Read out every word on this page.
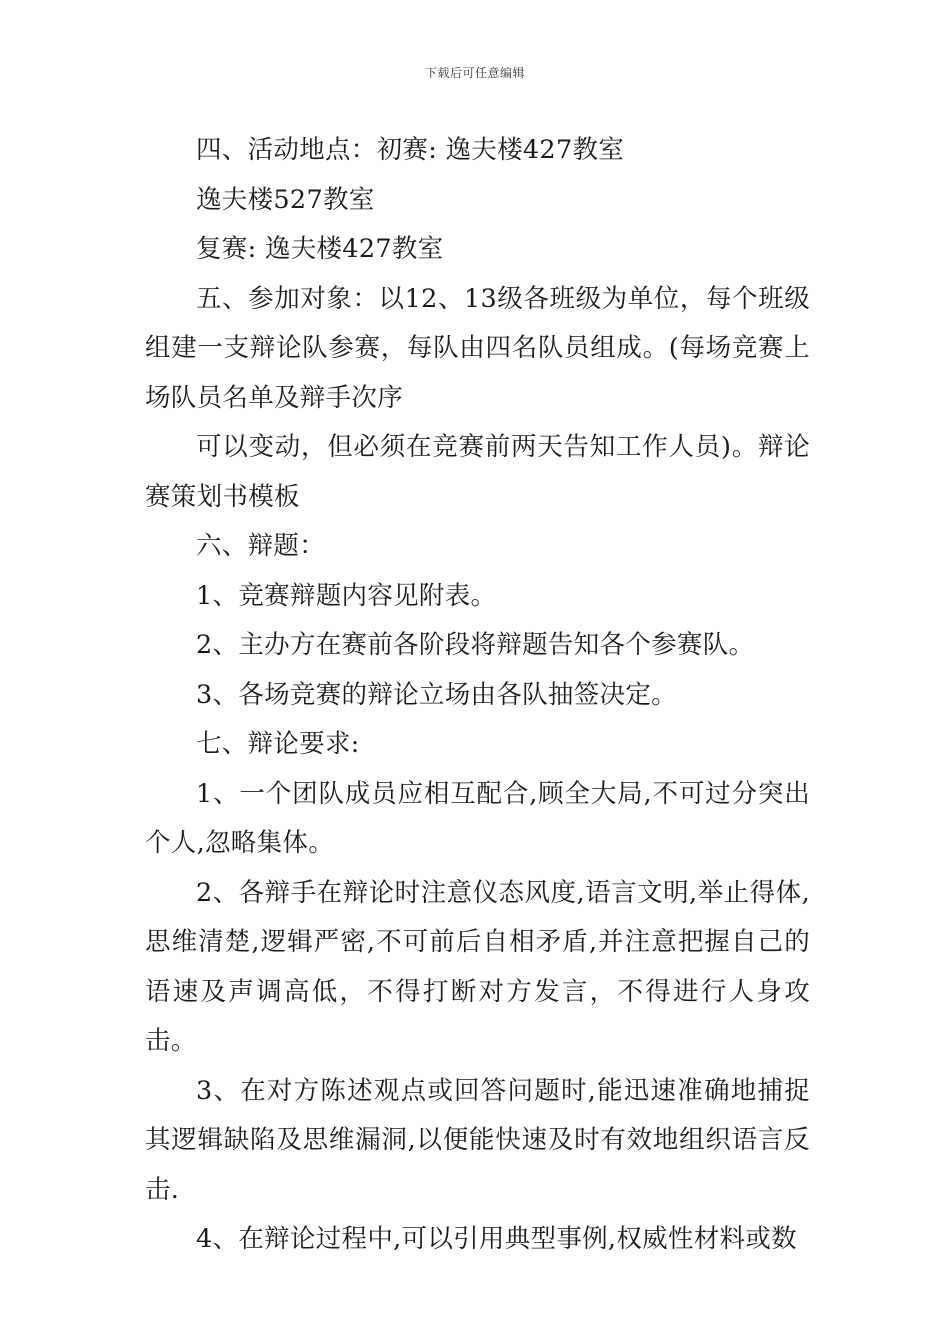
下载后可任意编辑

四、活动地点：初赛: 逸夫楼427教室

逸夫楼527教室

复赛: 逸夫楼427教室

五、参加对象：以12、13级各班级为单位，每个班级组建一支辩论队参赛，每队由四名队员组成。(每场竞赛上场队员名单及辩手次序

可以变动，但必须在竞赛前两天告知工作人员)。辩论赛策划书模板

六、辩题：

1、竞赛辩题内容见附表。

2、主办方在赛前各阶段将辩题告知各个参赛队。

3、各场竞赛的辩论立场由各队抽签决定。

七、辩论要求:

1、一个团队成员应相互配合,顾全大局,不可过分突出个人,忽略集体。

2、各辩手在辩论时注意仪态风度,语言文明,举止得体,思维清楚,逻辑严密,不可前后自相矛盾,并注意把握自己的语速及声调高低，不得打断对方发言，不得进行人身攻击。

3、在对方陈述观点或回答问题时,能迅速准确地捕捉其逻辑缺陷及思维漏洞,以便能快速及时有效地组织语言反击.

4、在辩论过程中,可以引用典型事例,权威性材料或数
